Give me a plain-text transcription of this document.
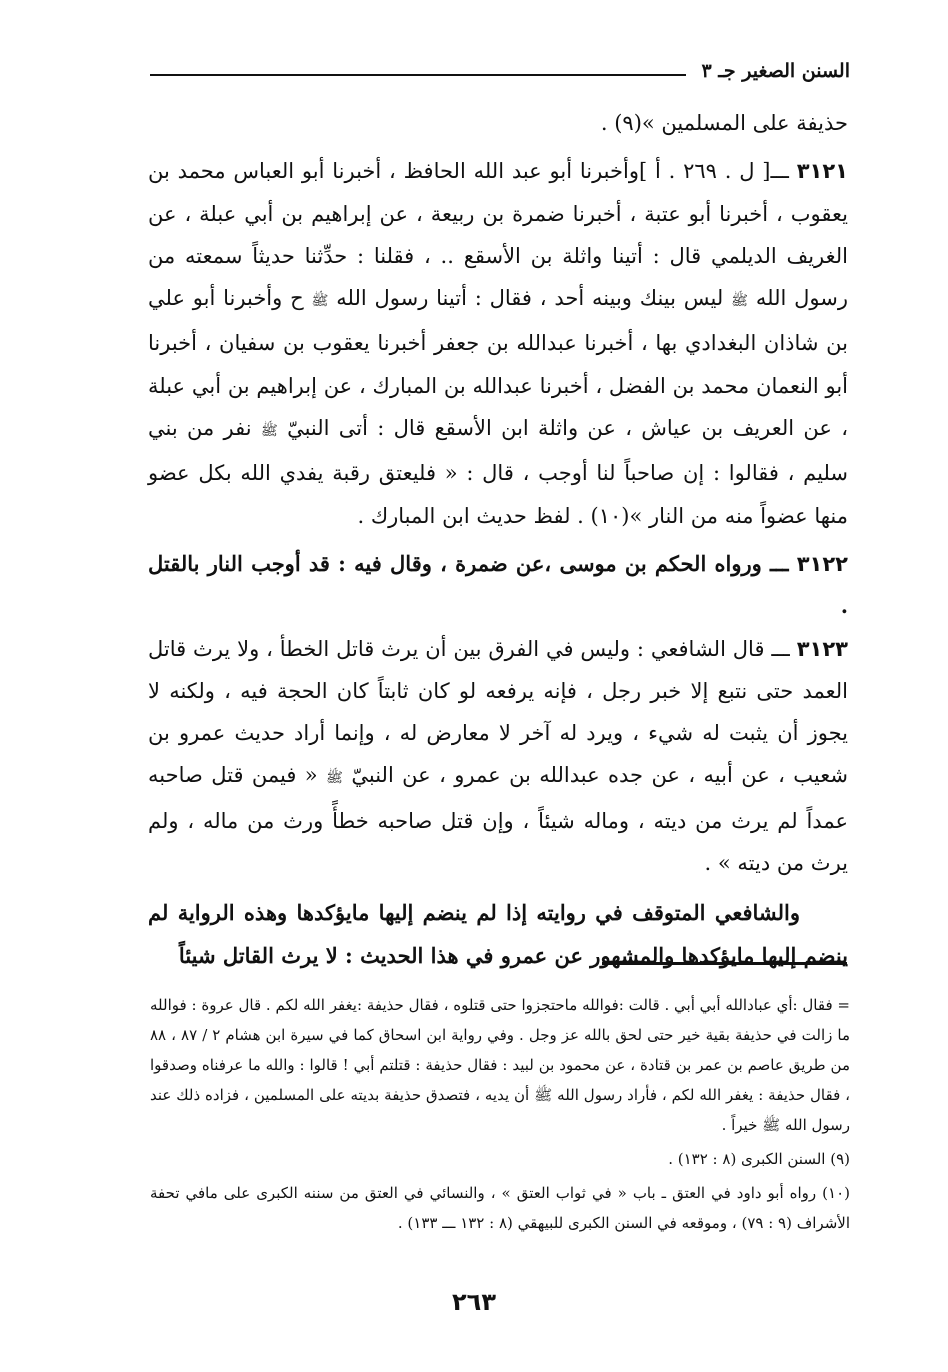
السنن الصغير جـ ٣

حذيفة على المسلمين »(٩) .

٣١٢١ ـــ[ ل . ٢٦٩ . أ ]وأخبرنا أبو عبد الله الحافظ ، أخبرنا أبو العباس محمد بن يعقوب ، أخبرنا أبو عتبة ، أخبرنا ضمرة بن ربيعة ، عن إبراهيم بن أبي عبلة ، عن الغريف الديلمي قال : أتينا واثلة بن الأسقع .. ، فقلنا : حدِّثنا حديثاً سمعته من رسول الله ﷺ ليس بينك وبينه أحد ، فقال : أتينا رسول الله ﷺ ح وأخبرنا أبو علي بن شاذان البغدادي بها ، أخبرنا عبدالله بن جعفر أخبرنا يعقوب بن سفيان ، أخبرنا أبو النعمان محمد بن الفضل ، أخبرنا عبدالله بن المبارك ، عن إبراهيم بن أبي عبلة ، عن العريف بن عياش ، عن واثلة ابن الأسقع قال : أتى النبيّ ﷺ نفر من بني سليم ، فقالوا : إن صاحباً لنا أوجب ، قال : « فليعتق رقبة يفدي الله بكل عضو منها عضواً منه من النار »(١٠) . لفظ حديث ابن المبارك .

٣١٢٢ ـــ ورواه الحكم بن موسى ،عن ضمرة ، وقال فيه : قد أوجب النار بالقتل .

٣١٢٣ ـــ قال الشافعي : وليس في الفرق بين أن يرث قاتل الخطأ ، ولا يرث قاتل العمد حتى نتبع إلا خبر رجل ، فإنه يرفعه لو كان ثابتاً كان الحجة فيه ، ولكنه لا يجوز أن يثبت له شيء ، ويرد له آخر لا معارض له ، وإنما أراد حديث عمرو بن شعيب ، عن أبيه ، عن جده عبدالله بن عمرو ، عن النبيّ ﷺ « فيمن قتل صاحبه عمداً لم يرث من ديته ، وماله شيئاً ، وإن قتل صاحبه خطأً ورث من ماله ، ولم يرث من ديته » .

والشافعي المتوقف في روايته إذا لم ينضم إليها مايؤكدها وهذه الرواية لم ينضم إليها مايؤكدها والمشهور عن عمرو في هذا الحديث : لا يرث القاتل شيئاً

= فقال :أي عبادالله أبي أبي . قالت :فوالله ماحتجزوا حتى قتلوه ، فقال حذيفة :يغفر الله لكم . قال عروة : فوالله ما زالت في حذيفة بقية خير حتى لحق بالله عز وجل . وفي رواية ابن اسحاق كما في سيرة ابن هشام ٢ / ٨٧ ، ٨٨ من طريق عاصم بن عمر بن قتادة ، عن محمود بن لبيد : فقال حذيفة : قتلتم أبي ! قالوا : والله ما عرفناه وصدقوا ، فقال حذيفة : يغفر الله لكم ، فأراد رسول الله ﷺ أن يديه ، فتصدق حذيفة بديته على المسلمين ، فزاده ذلك عند رسول الله ﷺ خيراً .

(٩) السنن الكبرى (٨ : ١٣٢) .

(١٠) رواه أبو داود في العتق ـ باب « في ثواب العتق » ، والنسائي في العتق من سننه الكبرى على مافي تحفة الأشراف (٩ : ٧٩) ، وموقعه في السنن الكبرى للبيهقي (٨ : ١٣٢ ـــ ١٣٣) .

٢٦٣
